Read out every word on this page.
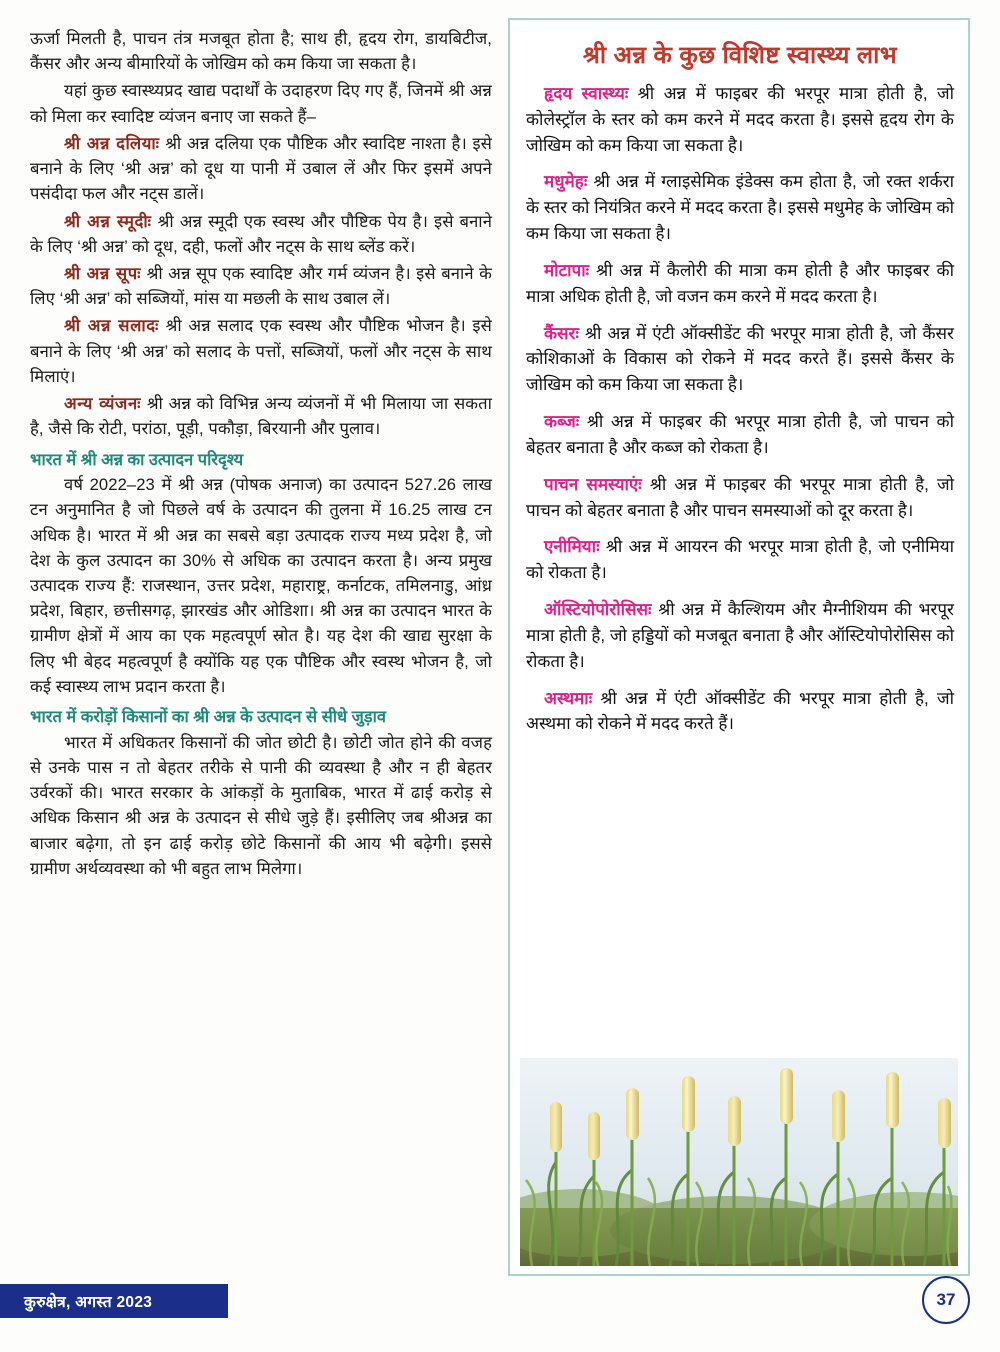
ऊर्जा मिलती है, पाचन तंत्र मजबूत होता है; साथ ही, हृदय रोग, डायबिटीज, कैंसर और अन्य बीमारियों के जोखिम को कम किया जा सकता है।

यहां कुछ स्वास्थ्यप्रद खाद्य पदार्थों के उदाहरण दिए गए हैं, जिनमें श्री अन्न को मिला कर स्वादिष्ट व्यंजन बनाए जा सकते हैं–

श्री अन्न दलियाः श्री अन्न दलिया एक पौष्टिक और स्वादिष्ट नाश्ता है। इसे बनाने के लिए ‘श्री अन्न’ को दूध या पानी में उबाल लें और फिर इसमें अपने पसंदीदा फल और नट्स डालें।

श्री अन्न स्मूदीः श्री अन्न स्मूदी एक स्वस्थ और पौष्टिक पेय है। इसे बनाने के लिए ‘श्री अन्न’ को दूध, दही, फलों और नट्स के साथ ब्लेंड करें।

श्री अन्न सूपः श्री अन्न सूप एक स्वादिष्ट और गर्म व्यंजन है। इसे बनाने के लिए ‘श्री अन्न’ को सब्जियों, मांस या मछली के साथ उबाल लें।

श्री अन्न सलादः श्री अन्न सलाद एक स्वस्थ और पौष्टिक भोजन है। इसे बनाने के लिए ‘श्री अन्न’ को सलाद के पत्तों, सब्जियों, फलों और नट्स के साथ मिलाएं।

अन्य व्यंजनः श्री अन्न को विभिन्न अन्य व्यंजनों में भी मिलाया जा सकता है, जैसे कि रोटी, परांठा, पूड़ी, पकौड़ा, बिरयानी और पुलाव।

भारत में श्री अन्न का उत्पादन परिदृश्य

वर्ष 2022–23 में श्री अन्न (पोषक अनाज) का उत्पादन 527.26 लाख टन अनुमानित है जो पिछले वर्ष के उत्पादन की तुलना में 16.25 लाख टन अधिक है। भारत में श्री अन्न का सबसे बड़ा उत्पादक राज्य मध्य प्रदेश है, जो देश के कुल उत्पादन का 30% से अधिक का उत्पादन करता है। अन्य प्रमुख उत्पादक राज्य हैं: राजस्थान, उत्तर प्रदेश, महाराष्ट्र, कर्नाटक, तमिलनाडु, आंध्र प्रदेश, बिहार, छत्तीसगढ़, झारखंड और ओडिशा। श्री अन्न का उत्पादन भारत के ग्रामीण क्षेत्रों में आय का एक महत्वपूर्ण स्रोत है। यह देश की खाद्य सुरक्षा के लिए भी बेहद महत्वपूर्ण है क्योंकि यह एक पौष्टिक और स्वस्थ भोजन है, जो कई स्वास्थ्य लाभ प्रदान करता है।

भारत में करोड़ों किसानों का श्री अन्न के उत्पादन से सीधे जुड़ाव

भारत में अधिकतर किसानों की जोत छोटी है। छोटी जोत होने की वजह से उनके पास न तो बेहतर तरीके से पानी की व्यवस्था है और न ही बेहतर उर्वरकों की। भारत सरकार के आंकड़ों के मुताबिक, भारत में ढाई करोड़ से अधिक किसान श्री अन्न के उत्पादन से सीधे जुड़े हैं। इसीलिए जब श्रीअन्न का बाजार बढ़ेगा, तो इन ढाई करोड़ छोटे किसानों की आय भी बढ़ेगी। इससे ग्रामीण अर्थव्यवस्था को भी बहुत लाभ मिलेगा।

श्री अन्न के कुछ विशिष्ट स्वास्थ्य लाभ

हृदय स्वास्थ्यः श्री अन्न में फाइबर की भरपूर मात्रा होती है, जो कोलेस्ट्रॉल के स्तर को कम करने में मदद करता है। इससे हृदय रोग के जोखिम को कम किया जा सकता है।

मधुमेहः श्री अन्न में ग्लाइसेमिक इंडेक्स कम होता है, जो रक्त शर्करा के स्तर को नियंत्रित करने में मदद करता है। इससे मधुमेह के जोखिम को कम किया जा सकता है।

मोटापाः श्री अन्न में कैलोरी की मात्रा कम होती है और फाइबर की मात्रा अधिक होती है, जो वजन कम करने में मदद करता है।

कैंसरः श्री अन्न में एंटी ऑक्सीडेंट की भरपूर मात्रा होती है, जो कैंसर कोशिकाओं के विकास को रोकने में मदद करते हैं। इससे कैंसर के जोखिम को कम किया जा सकता है।

कब्जः श्री अन्न में फाइबर की भरपूर मात्रा होती है, जो पाचन को बेहतर बनाता है और कब्ज को रोकता है।

पाचन समस्याएंः श्री अन्न में फाइबर की भरपूर मात्रा होती है, जो पाचन को बेहतर बनाता है और पाचन समस्याओं को दूर करता है।

एनीमियाः श्री अन्न में आयरन की भरपूर मात्रा होती है, जो एनीमिया को रोकता है।

ऑस्टियोपोरोसिसः श्री अन्न में कैल्शियम और मैग्नीशियम की भरपूर मात्रा होती है, जो हड्डियों को मजबूत बनाता है और ऑस्टियोपोरोसिस को रोकता है।

अस्थमाः श्री अन्न में एंटी ऑक्सीडेंट की भरपूर मात्रा होती है, जो अस्थमा को रोकने में मदद करते हैं।

कुरुक्षेत्र, अगस्त 2023	37
